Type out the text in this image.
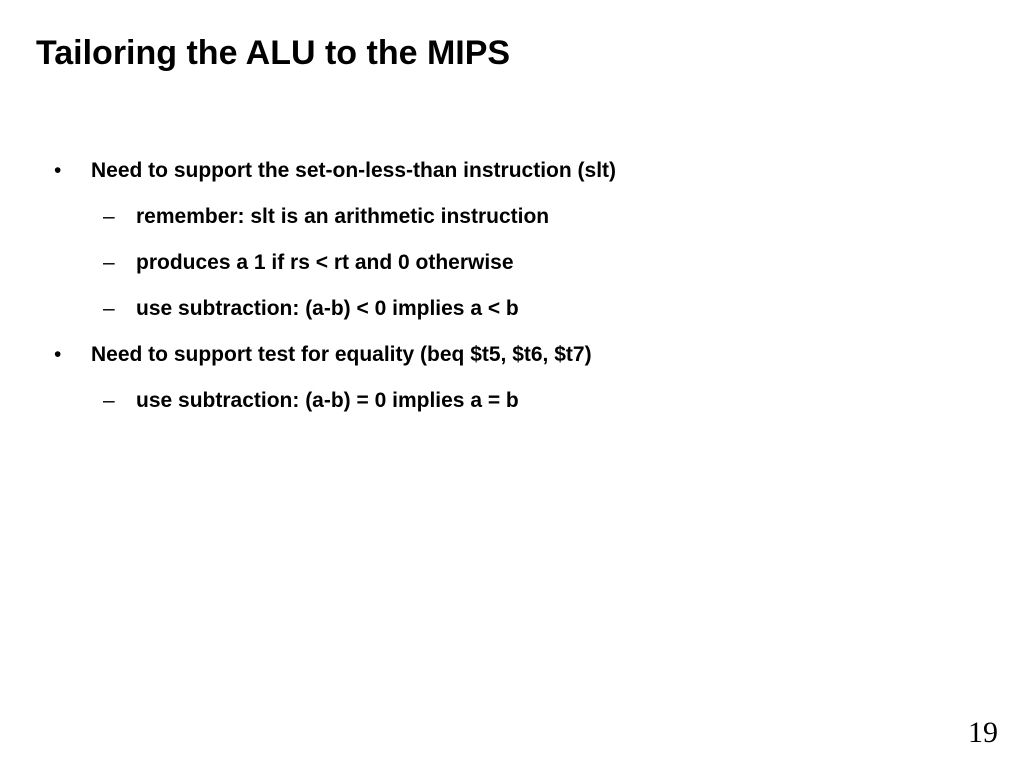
Tailoring the ALU to the MIPS
• Need to support the set-on-less-than instruction (slt)
– remember: slt is an arithmetic instruction
– produces a 1 if rs < rt and 0 otherwise
– use subtraction: (a-b) < 0 implies a < b
• Need to support test for equality (beq $t5, $t6, $t7)
– use subtraction: (a-b) = 0 implies a = b
19
